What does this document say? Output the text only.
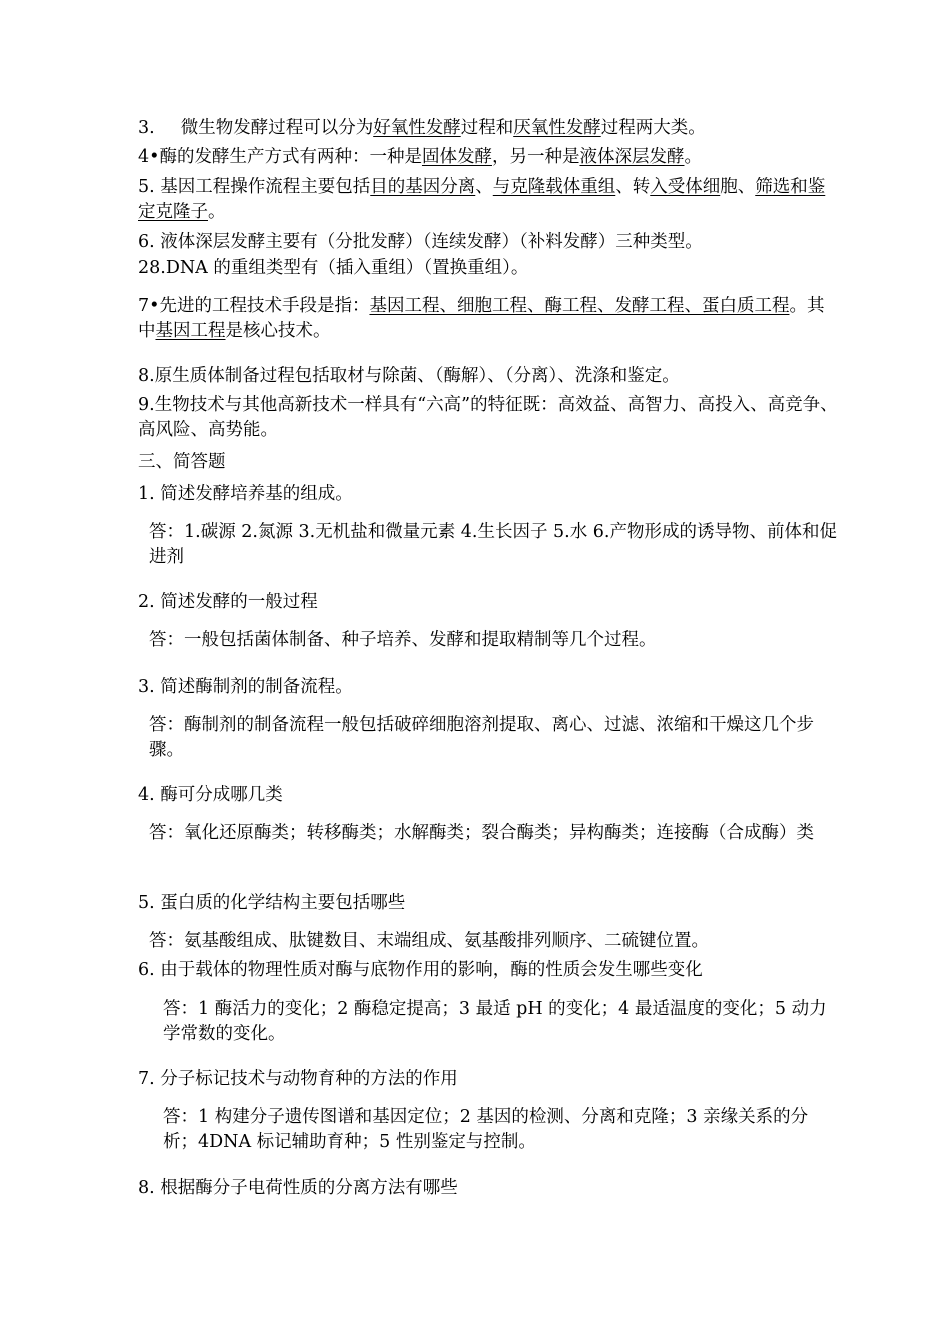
3. 微生物发酵过程可以分为好氧性发酵过程和厌氧性发酵过程两大类。

4•酶的发酵生产方式有两种：一种是固体发酵，另一种是液体深层发酵。

5. 基因工程操作流程主要包括目的基因分离、与克隆载体重组、转入受体细胞、筛选和鉴定克隆子。

6. 液体深层发酵主要有（分批发酵）（连续发酵）（补料发酵）三种类型。

28.DNA 的重组类型有（插入重组）（置换重组）。

7•先进的工程技术手段是指：基因工程、细胞工程、酶工程、发酵工程、蛋白质工程。其中基因工程是核心技术。

8.原生质体制备过程包括取材与除菌、（酶解）、（分离）、洗涤和鉴定。

9.生物技术与其他高新技术一样具有“六高”的特征既：高效益、高智力、高投入、高竞争、高风险、高势能。

三、简答题

1. 简述发酵培养基的组成。

答：1.碳源 2.氮源 3.无机盐和微量元素 4.生长因子 5.水 6.产物形成的诱导物、前体和促进剂

2. 简述发酵的一般过程

答：一般包括菌体制备、种子培养、发酵和提取精制等几个过程。

3. 简述酶制剂的制备流程。

答：酶制剂的制备流程一般包括破碎细胞溶剂提取、离心、过滤、浓缩和干燥这几个步骤。

4. 酶可分成哪几类

答：氧化还原酶类；转移酶类；水解酶类；裂合酶类；异构酶类；连接酶（合成酶）类

5. 蛋白质的化学结构主要包括哪些

答：氨基酸组成、肽键数目、末端组成、氨基酸排列顺序、二硫键位置。

6. 由于载体的物理性质对酶与底物作用的影响，酶的性质会发生哪些变化

答：1 酶活力的变化；2 酶稳定提高；3 最适 pH 的变化；4 最适温度的变化；5 动力学常数的变化。

7. 分子标记技术与动物育种的方法的作用

答：1 构建分子遗传图谱和基因定位；2 基因的检测、分离和克隆；3 亲缘关系的分析；4DNA 标记辅助育种；5 性别鉴定与控制。

8. 根据酶分子电荷性质的分离方法有哪些
